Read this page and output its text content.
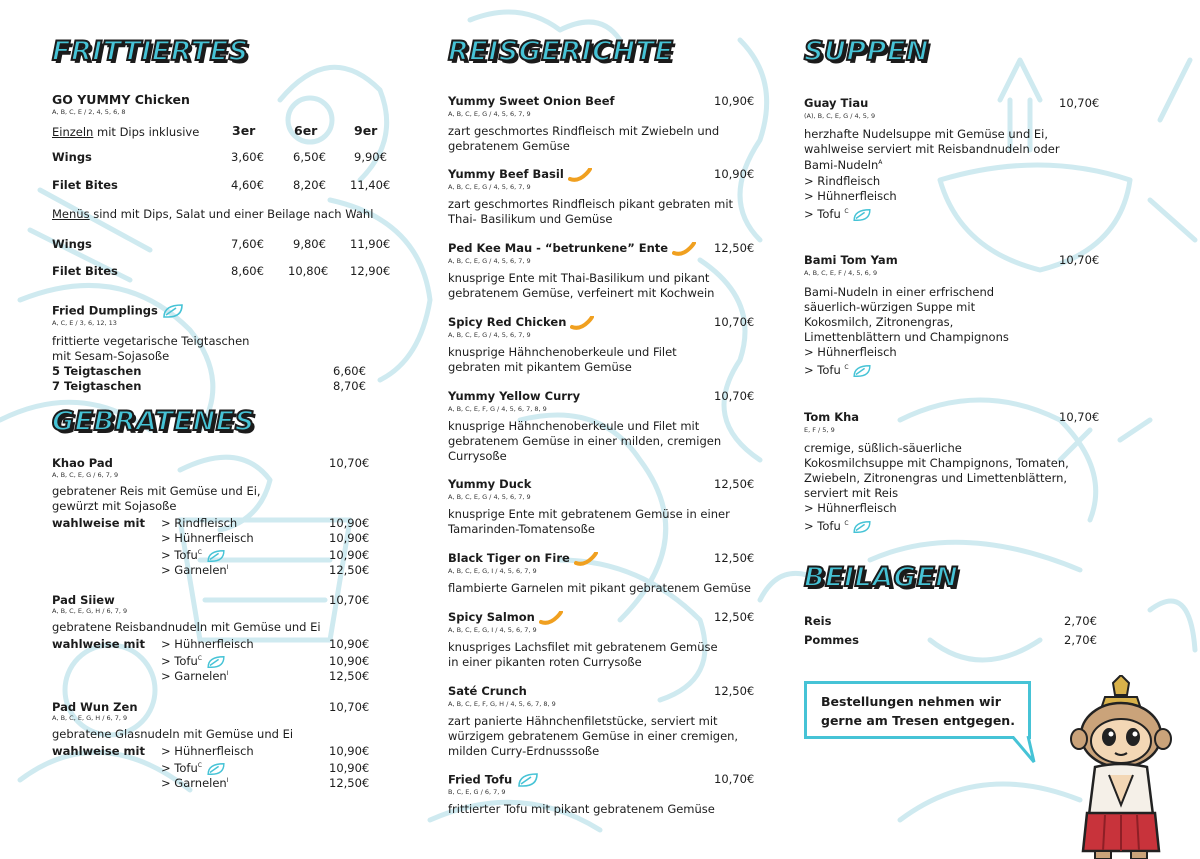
FRITTIERTES
GO YUMMY Chicken
A, B, C, E / 2, 4, 5, 6, 8
Einzeln mit Dips inklusive	3er	6er	9er
Wings	3,60€	6,50€ 9,90€
Filet Bites	4,60€	8,20€ 11,40€
Menüs sind mit Dips, Salat und einer Beilage nach Wahl
Wings	7,60€	9,80€ 11,90€
Filet Bites	8,60€ 10,80€ 12,90€
Fried Dumplings
A, C, E / 3, 6, 12, 13
frittierte vegetarische Teigtaschen
mit Sesam-Sojasoße
5 Teigtaschen	6,60€
7 Teigtaschen	8,70€
GEBRATENES
Khao Pad	10,70€
A, B, C, E, G / 6, 7, 9
gebratener Reis mit Gemüse und Ei,
gewürzt mit Sojasoße
wahlweise mit > Rindfleisch	10,90€
> Hühnerfleisch	10,90€
> Tofu$^C$	10,90€
> Garnelen$^I$	12,50€
Pad Siiew	10,70€
A, B, C, E, G, H / 6, 7, 9
gebratene Reisbandnudeln mit Gemüse und Ei
wahlweise mit > Hühnerfleisch	10,90€
> Tofu$^C$	10,90€
> Garnelen$^I$	12,50€
Pad Wun Zen	10,70€
A, B, C, E, G, H / 6, 7, 9
gebratene Glasnudeln mit Gemüse und Ei
wahlweise mit > Hühnerfleisch	10,90€
> Tofu$^C$	10,90€
> Garnelen$^I$	12,50€
REISGERICHTE
Yummy Sweet Onion Beef	10,90€
A, B, C, E, G / 4, 5, 6, 7, 9
zart geschmortes Rindfleisch mit Zwiebeln und
gebratenem Gemüse
Yummy Beef Basil	10,90€
A, B, C, E, G / 4, 5, 6, 7, 9
zart geschmortes Rindfleisch pikant gebraten mit
Thai- Basilikum und Gemüse
Ped Kee Mau - “betrunkene” Ente	12,50€
A, B, C, E, G / 4, 5, 6, 7, 9
knusprige Ente mit Thai-Basilikum und pikant
gebratenem Gemüse, verfeinert mit Kochwein
Spicy Red Chicken	10,70€
A, B, C, E, G / 4, 5, 6, 7, 9
knusprige Hähnchenoberkeule und Filet
gebraten mit pikantem Gemüse
Yummy Yellow Curry	10,70€
A, B, C, E, F, G / 4, 5, 6, 7, 8, 9
knusprige Hähnchenoberkeule und Filet mit
gebratenem Gemüse in einer milden, cremigen
Currysoße
Yummy Duck	12,50€
A, B, C, E, G / 4, 5, 6, 7, 9
knusprige Ente mit gebratenem Gemüse in einer
Tamarinden-Tomatensoße
Black Tiger on Fire	12,50€
A, B, C, E, G, I / 4, 5, 6, 7, 9
flambierte Garnelen mit pikant gebratenem Gemüse
Spicy Salmon	12,50€
A, B, C, E, G, I / 4, 5, 6, 7, 9
knuspriges Lachsfilet mit gebratenem Gemüse
in einer pikanten roten Currysoße
Saté Crunch	12,50€
A, B, C, E, F, G, H / 4, 5, 6, 7, 8, 9
zart panierte Hähnchenfiletstücke, serviert mit
würzigem gebratenem Gemüse in einer cremigen,
milden Curry-Erdnusssoße
Fried Tofu	10,70€
B, C, E, G / 6, 7, 9
frittierter Tofu mit pikant gebratenem Gemüse
SUPPEN
Guay Tiau	10,70€
(A), B, C, E, G / 4, 5, 9
herzhafte Nudelsuppe mit Gemüse und Ei,
wahlweise serviert mit Reisbandnudeln oder
Bami-Nudeln$^A$
> Rindfleisch
> Hühnerfleisch
> Tofu $^C$
Bami Tom Yam	10,70€
A, B, C, E, F / 4, 5, 6, 9
Bami-Nudeln in einer erfrischend
säuerlich-würzigen Suppe mit
Kokosmilch, Zitronengras,
Limettenblättern und Champignons
> Hühnerfleisch
> Tofu $^C$
Tom Kha	10,70€
E, F / 5, 9
cremige, süßlich-säuerliche
Kokosmilchsuppe mit Champignons, Tomaten,
Zwiebeln, Zitronengras und Limettenblättern,
serviert mit Reis
> Hühnerfleisch
> Tofu $^C$
BEILAGEN
Reis	2,70€
Pommes	2,70€
Bestellungen nehmen wir
gerne am Tresen entgegen.
